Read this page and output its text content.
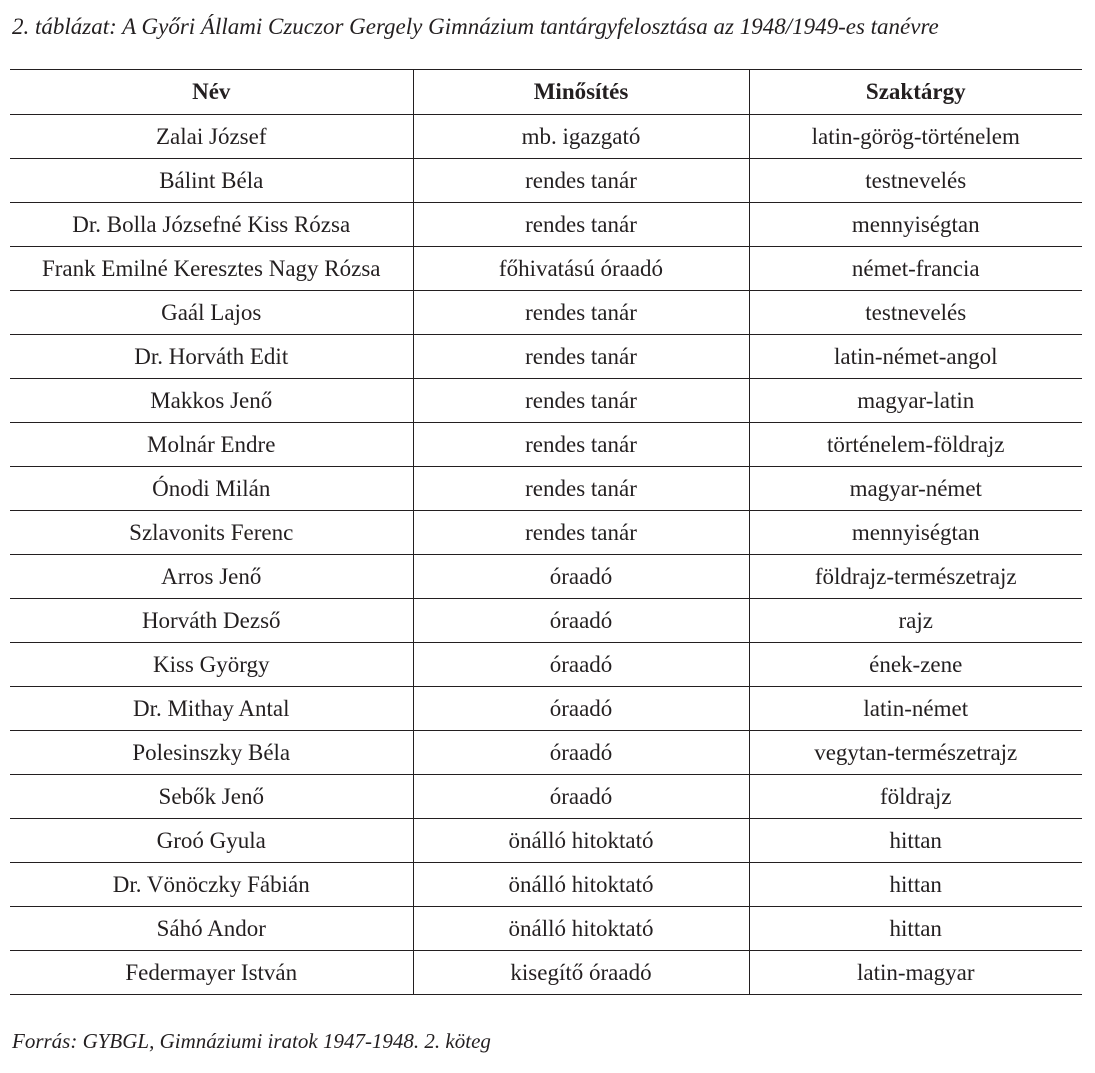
2. táblázat: A Győri Állami Czuczor Gergely Gimnázium tantárgyfelosztása az 1948/1949-es tanévre
Név	Minősítés	Szaktárgy
Zalai József	mb. igazgató	latin-görög-történelem
Bálint Béla	rendes tanár	testnevelés
Dr. Bolla Józsefné Kiss Rózsa	rendes tanár	mennyiségtan
Frank Emilné Keresztes Nagy Rózsa	főhivatású óraadó	német-francia
Gaál Lajos	rendes tanár	testnevelés
Dr. Horváth Edit	rendes tanár	latin-német-angol
Makkos Jenő	rendes tanár	magyar-latin
Molnár Endre	rendes tanár	történelem-földrajz
Ónodi Milán	rendes tanár	magyar-német
Szlavonits Ferenc	rendes tanár	mennyiségtan
Arros Jenő	óraadó	földrajz-természetrajz
Horváth Dezső	óraadó	rajz
Kiss György	óraadó	ének-zene
Dr. Mithay Antal	óraadó	latin-német
Polesinszky Béla	óraadó	vegytan-természetrajz
Sebők Jenő	óraadó	földrajz
Groó Gyula	önálló hitoktató	hittan
Dr. Vönöczky Fábián	önálló hitoktató	hittan
Sáhó Andor	önálló hitoktató	hittan
Federmayer István	kisegítő óraadó	latin-magyar
Forrás: GYBGL, Gimnáziumi iratok 1947-1948. 2. köteg
